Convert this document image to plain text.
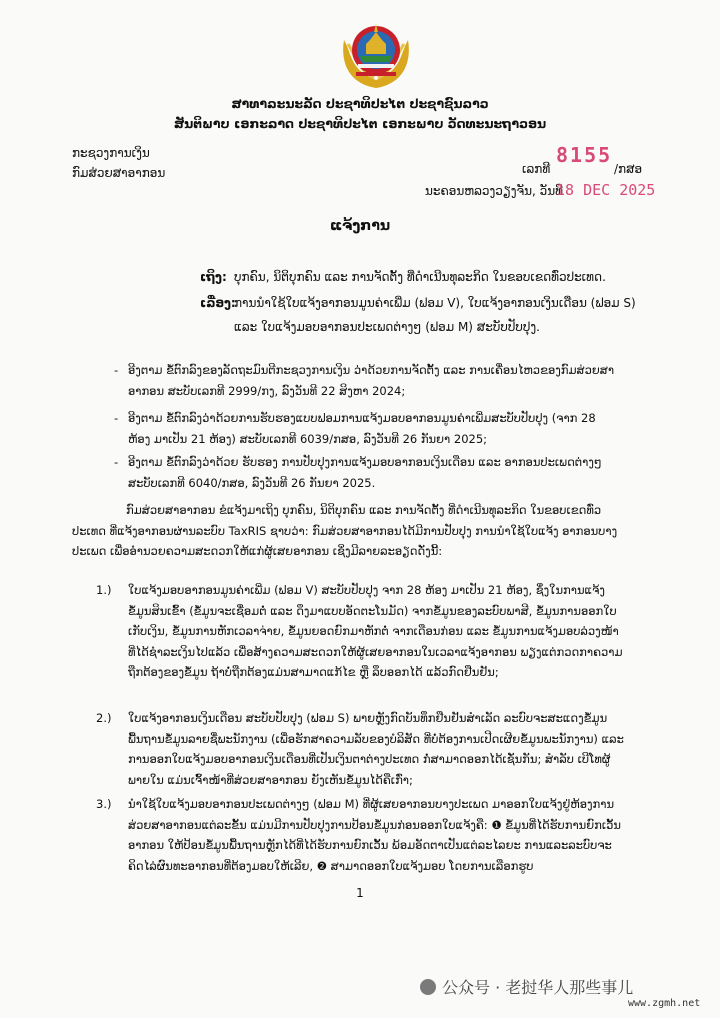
ສາທາລະນະລັດ ປະຊາທິປະໄຕ ປະຊາຊົນລາວ
ສັນຕິພາບ ເອກະລາດ ປະຊາທິປະໄຕ ເອກະພາບ ວັດທະນະຖາວອນ
ກະຊວງການເງິນ
ກົມສ່ວຍສາອາກອນ	ເລກທີ
8155
/ກສອ
ນະຄອນຫລວງວຽງຈັນ, ວັນທີ
18 DEC 2025
ແຈ້ງການ
ເຖິງ: ບຸກຄົນ, ນິຕິບຸກຄົນ ແລະ ການຈັດຕັ້ງ ທີ່ດຳເນີນທຸລະກິດ ໃນຂອບເຂດທົ່ວປະເທດ.
ເລື່ອງ:
ການນຳໃຊ້ໃບແຈ້ງອາກອນມູນຄ່າເພີ່ມ (ຟອມ V), ໃບແຈ້ງອາກອນເງິນເດືອນ (ຟອມ S)
ແລະ ໃບແຈ້ງມອບອາກອນປະເພດຕ່າງໆ (ຟອມ M) ສະບັບປັບປຸງ.
- ອີງຕາມ ຂໍ້ຕົກລົງຂອງລັດຖະມົນຕີກະຊວງການເງິນ ວ່າດ້ວຍການຈັດຕັ້ງ ແລະ ການເຄື່ອນໄຫວຂອງກົມສ່ວຍສາອາກອນ ສະບັບເລກທີ 2999/ກງ, ລົງວັນທີ 22 ສິງຫາ 2024;
- ອີງຕາມ ຂໍ້ຕົກລົງວ່າດ້ວຍການຮັບຮອງແບບຟອມການແຈ້ງມອບອາກອນມູນຄ່າເພີ່ມສະບັບປັບປຸງ (ຈາກ 28 ຫ້ອງ ມາເປັນ 21 ຫ້ອງ) ສະບັບເລກທີ 6039/ກສອ, ລົງວັນທີ 26 ກັນຍາ 2025;
- ອີງຕາມ ຂໍ້ຕົກລົງວ່າດ້ວຍ ຮັບຮອງ ການປັບປຸງການແຈ້ງມອບອາກອນເງິນເດືອນ ແລະ ອາກອນປະເພດຕ່າງໆ ສະບັບເລກທີ 6040/ກສອ, ລົງວັນທີ 26 ກັນຍາ 2025.
ກົມສ່ວຍສາອາກອນ ຂໍແຈ້ງມາເຖິງ ບຸກຄົນ, ນິຕິບຸກຄົນ ແລະ ການຈັດຕັ້ງ ທີ່ດຳເນີນທຸລະກິດ ໃນຂອບເຂດທົ່ວປະເທດ ທີ່ແຈ້ງອາກອນຜ່ານລະບົບ TaxRIS ຊາບວ່າ: ກົມສ່ວຍສາອາກອນໄດ້ມີການປັບປຸງ ການນຳໃຊ້ໃບແຈ້ງ ອາກອນບາງປະເພດ ເພື່ອອຳນວຍຄວາມສະດວກໃຫ້ແກ່ຜູ້ເສຍອາກອນ ເຊິ່ງມີລາຍລະອຽດດັ່ງນີ້:
1.) ໃບແຈ້ງມອບອາກອນມູນຄ່າເພີ່ມ (ຟອມ V) ສະບັບປັບປຸງ ຈາກ 28 ຫ້ອງ ມາເປັນ 21 ຫ້ອງ, ຊຶ່ງໃນການແຈ້ງຂໍ້ມູນສິນເຂົ້າ (ຂໍ້ມູນຈະເຊື່ອມຕໍ່ ແລະ ດຶງມາແບບອັດຕະໂນມັດ) ຈາກຂໍ້ມູນຂອງລະບົບພາສີ, ຂໍ້ມູນການອອກໃບເກັບເງິນ, ຂໍ້ມູນການຫັກເວລາຈ່າຍ, ຂໍ້ມູນຍອດຍົກມາຫັກຕໍ່ ຈາກເດືອນກ່ອນ ແລະ ຂໍ້ມູນການແຈ້ງມອບລ່ວງໜ້າ ທີ່ໄດ້ຊຳລະເງິນໄປແລ້ວ ເພື່ອສ້າງຄວາມສະດວກໃຫ້ຜູ້ເສຍອາກອນໃນເວລາແຈ້ງອາກອນ ພຽງແຕ່ກວດກາຄວາມຖືກຕ້ອງຂອງຂໍ້ມູນ ຖ້າບໍ່ຖືກຕ້ອງແມ່ນສາມາດແກ້ໄຂ ຫຼື ລຶບອອກໄດ້ ແລ້ວກົດຢືນຢັນ;
2.) ໃບແຈ້ງອາກອນເງິນເດືອນ ສະບັບປັບປຸງ (ຟອມ S) ພາຍຫຼັງກົດບັນທຶກຢືນຢັນສຳເລັດ ລະບົບຈະສະແດງຂໍ້ມູນພື້ນຖານຂໍ້ມູນລາຍຊື່ພະນັກງານ (ເພື່ອຮັກສາຄວາມລັບຂອງບໍລິສັດ ທີ່ບໍ່ຕ້ອງການເປີດເຜີຍຂໍ້ມູນພະນັກງານ) ແລະ ການອອກໃບແຈ້ງມອບອາກອນເງິນເດືອນທີ່ເປັນເງິນຕາຕ່າງປະເທດ ກໍ່ສາມາດອອກໄດ້ເຊັ່ນກັນ; ສຳລັບ ເບີໂທຜູ້ພາຍໃນ ແມ່ນເຈົ້າໜ້າທີ່ສ່ວຍສາອາກອນ ຍັງເຫັນຂໍ້ມູນໄດ້ຄືເກົ່າ;
3.) ນຳໃຊ້ໃບແຈ້ງມອບອາກອນປະເພດຕ່າງໆ (ຟອມ M) ທີ່ຜູ້ເສຍອາກອນບາງປະເພດ ມາອອກໃບແຈ້ງຢູ່ຫ້ອງການສ່ວຍສາອາກອນແຕ່ລະຂັ້ນ ແມ່ນມີການປັບປຸງການປ້ອນຂໍ້ມູນກ່ອນອອກໃບແຈ້ງຄື: ❶ ຂໍ້ມູນທີ່ໄດ້ຮັບການຍົກເວັ້ນອາກອນ ໃຫ້ປ້ອນຂໍ້ມູນພື້ນຖານຫຼັກໄດ້ທີ່ໄດ້ຮັບການຍົກເວັ້ນ ພ້ອມອັດຕາເປັນແຕ່ລະໄລຍະ ການແລະລະບົບຈະຄິດໄລ່ຜົນທະອາກອນທີ່ຕ້ອງມອບໃຫ້ເລີຍ, ❷ ສາມາດອອກໃບແຈ້ງມອບ ໂດຍການເລືອກຮູບ
1
公众号 · 老挝华人那些事儿
www.zgmh.net
